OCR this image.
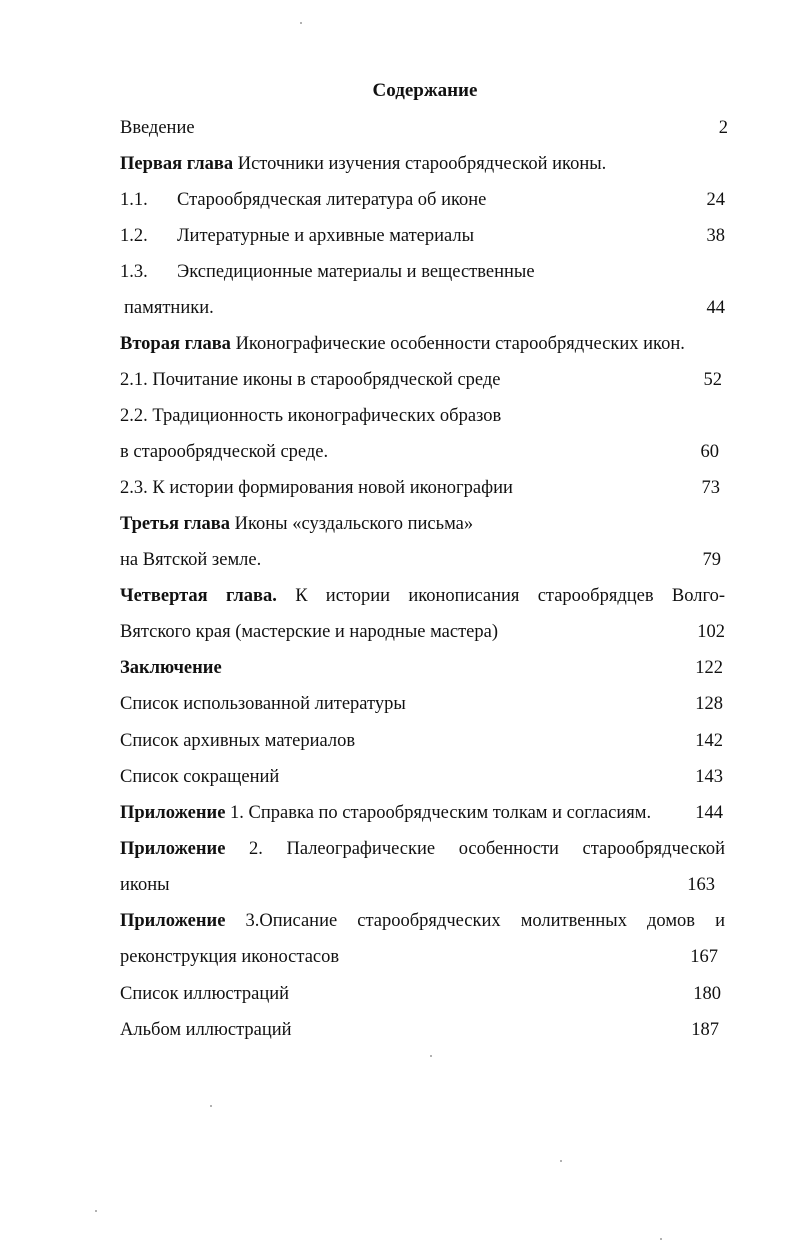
Содержание
Введение	2
Первая глава Источники изучения старообрядческой иконы.
1.1. Старообрядческая литература об иконе	24
1.2. Литературные и архивные материалы	38
1.3. Экспедиционные материалы и вещественные
памятники.	44
Вторая глава Иконографические особенности старообрядческих икон.
2.1. Почитание иконы в старообрядческой среде	52
2.2. Традиционность иконографических образов
в старообрядческой среде.	60
2.3. К истории формирования новой иконографии	73
Третья глава Иконы «суздальского письма»
на Вятской земле.	79
Четвертая глава. К истории иконописания старообрядцев Волго-
Вятского края (мастерские и народные мастера)	102
Заключение	122
Список использованной литературы	128
Список архивных материалов	142
Список сокращений	143
Приложение 1. Справка по старообрядческим толкам и согласиям.	144
Приложение 2. Палеографические особенности старообрядческой
иконы	163
Приложение 3.Описание старообрядческих молитвенных домов и
реконструкция иконостасов	167
Список иллюстраций	180
Альбом иллюстраций	187
